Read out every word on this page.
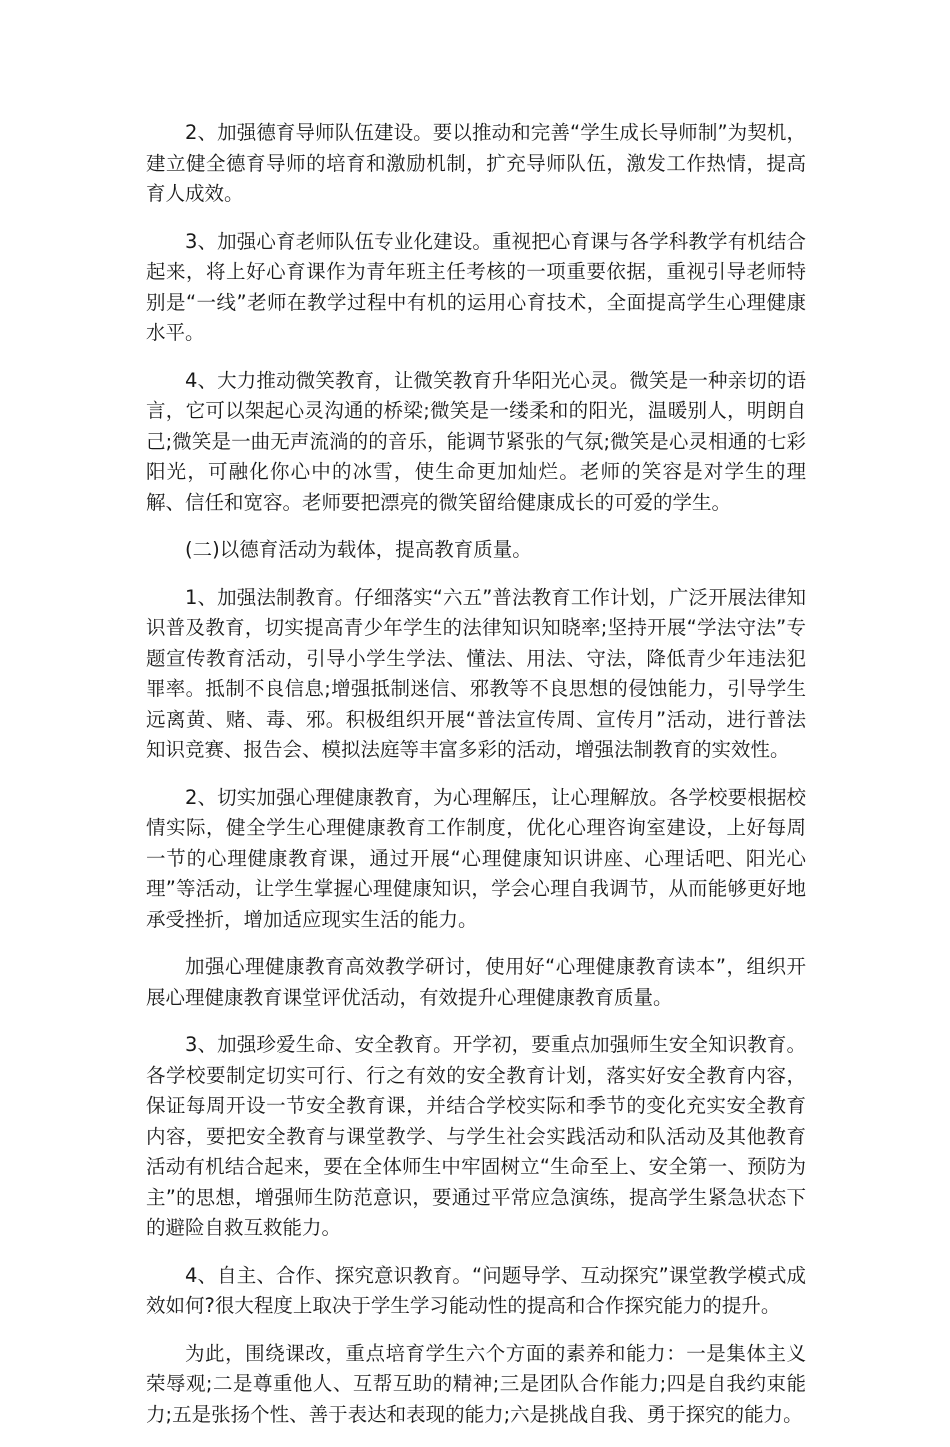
2、加强德育导师队伍建设。要以推动和完善“学生成长导师制”为契机，建立健全德育导师的培育和激励机制，扩充导师队伍，激发工作热情，提高育人成效。

3、加强心育老师队伍专业化建设。重视把心育课与各学科教学有机结合起来，将上好心育课作为青年班主任考核的一项重要依据，重视引导老师特别是“一线”老师在教学过程中有机的运用心育技术，全面提高学生心理健康水平。

4、大力推动微笑教育，让微笑教育升华阳光心灵。微笑是一种亲切的语言，它可以架起心灵沟通的桥梁;微笑是一缕柔和的阳光，温暖别人，明朗自己;微笑是一曲无声流淌的的音乐，能调节紧张的气氛;微笑是心灵相通的七彩阳光，可融化你心中的冰雪，使生命更加灿烂。老师的笑容是对学生的理解、信任和宽容。老师要把漂亮的微笑留给健康成长的可爱的学生。

(二)以德育活动为载体，提高教育质量。

1、加强法制教育。仔细落实“六五”普法教育工作计划，广泛开展法律知识普及教育，切实提高青少年学生的法律知识知晓率;坚持开展“学法守法”专题宣传教育活动，引导小学生学法、懂法、用法、守法，降低青少年违法犯罪率。抵制不良信息;增强抵制迷信、邪教等不良思想的侵蚀能力，引导学生远离黄、赌、毒、邪。积极组织开展“普法宣传周、宣传月”活动，进行普法知识竞赛、报告会、模拟法庭等丰富多彩的活动，增强法制教育的实效性。

2、切实加强心理健康教育，为心理解压，让心理解放。各学校要根据校情实际，健全学生心理健康教育工作制度，优化心理咨询室建设，上好每周一节的心理健康教育课，通过开展“心理健康知识讲座、心理话吧、阳光心理”等活动，让学生掌握心理健康知识，学会心理自我调节，从而能够更好地承受挫折，增加适应现实生活的能力。

加强心理健康教育高效教学研讨，使用好“心理健康教育读本”，组织开展心理健康教育课堂评优活动，有效提升心理健康教育质量。

3、加强珍爱生命、安全教育。开学初，要重点加强师生安全知识教育。各学校要制定切实可行、行之有效的安全教育计划，落实好安全教育内容，保证每周开设一节安全教育课，并结合学校实际和季节的变化充实安全教育内容，要把安全教育与课堂教学、与学生社会实践活动和队活动及其他教育活动有机结合起来，要在全体师生中牢固树立“生命至上、安全第一、预防为主”的思想，增强师生防范意识，要通过平常应急演练，提高学生紧急状态下的避险自救互救能力。

4、自主、合作、探究意识教育。“问题导学、互动探究”课堂教学模式成效如何?很大程度上取决于学生学习能动性的提高和合作探究能力的提升。

为此，围绕课改，重点培育学生六个方面的素养和能力：一是集体主义荣辱观;二是尊重他人、互帮互助的精神;三是团队合作能力;四是自我约束能力;五是张扬个性、善于表达和表现的能力;六是挑战自我、勇于探究的能力。
